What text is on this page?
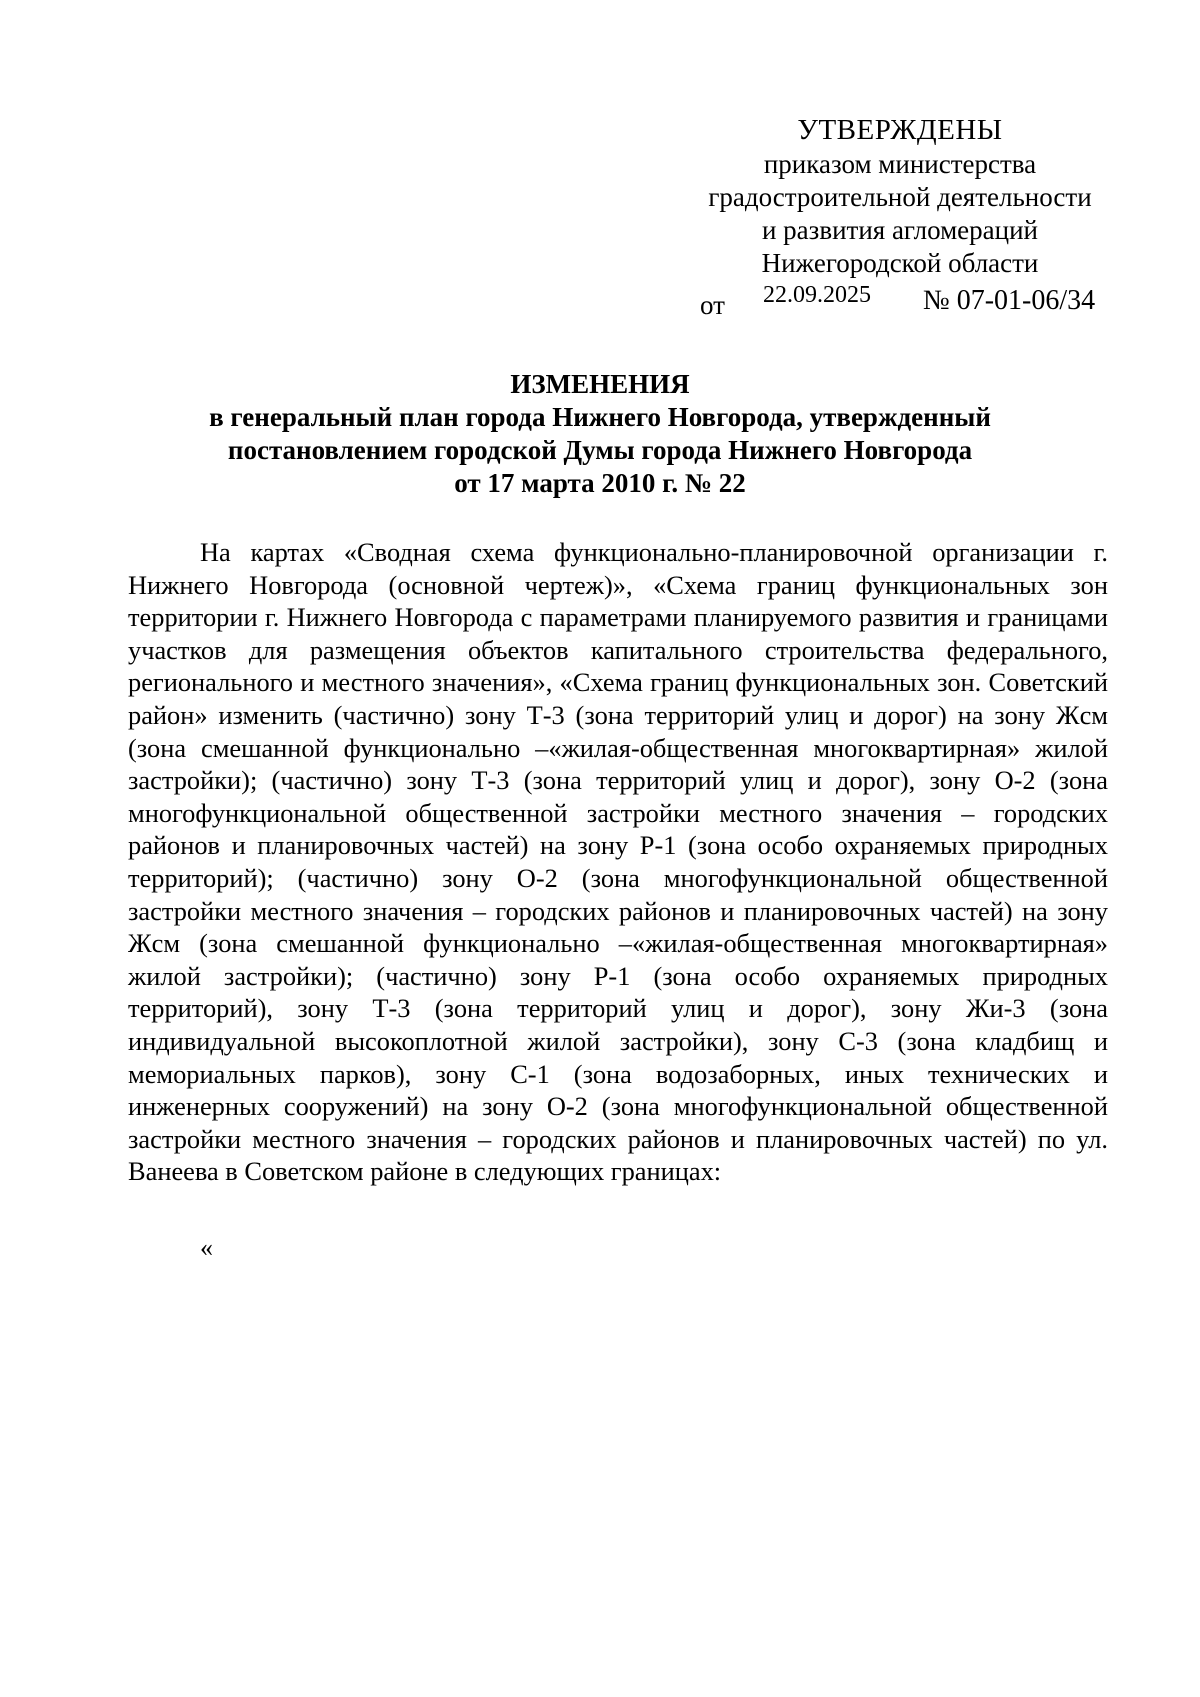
УТВЕРЖДЕНЫ
приказом министерства
градостроительной деятельности
и развития агломераций
Нижегородской области
от 22.09.2025 № 07-01-06/34
ИЗМЕНЕНИЯ
в генеральный план города Нижнего Новгорода, утвержденный
постановлением городской Думы города Нижнего Новгорода
от 17 марта 2010 г. № 22

На картах «Сводная схема функционально-планировочной организации г. Нижнего Новгорода (основной чертеж)», «Схема границ функциональных зон территории г. Нижнего Новгорода с параметрами планируемого развития и границами участков для размещения объектов капитального строительства федерального, регионального и местного значения», «Схема границ функциональных зон. Советский район» изменить (частично) зону Т-3 (зона территорий улиц и дорог) на зону Жсм (зона смешанной функционально –«жилая-общественная многоквартирная» жилой застройки); (частично) зону Т-3 (зона территорий улиц и дорог), зону О-2 (зона многофункциональной общественной застройки местного значения – городских районов и планировочных частей) на зону Р-1 (зона особо охраняемых природных территорий); (частично) зону О-2 (зона многофункциональной общественной застройки местного значения – городских районов и планировочных частей) на зону Жсм (зона смешанной функционально –«жилая-общественная многоквартирная» жилой застройки); (частично) зону Р-1 (зона особо охраняемых природных территорий), зону Т-3 (зона территорий улиц и дорог), зону Жи-3 (зона индивидуальной высокоплотной жилой застройки), зону С-3 (зона кладбищ и мемориальных парков), зону С-1 (зона водозаборных, иных технических и инженерных сооружений) на зону О-2 (зона многофункциональной общественной застройки местного значения – городских районов и планировочных частей) по ул. Ванеева в Советском районе в следующих границах:

«
